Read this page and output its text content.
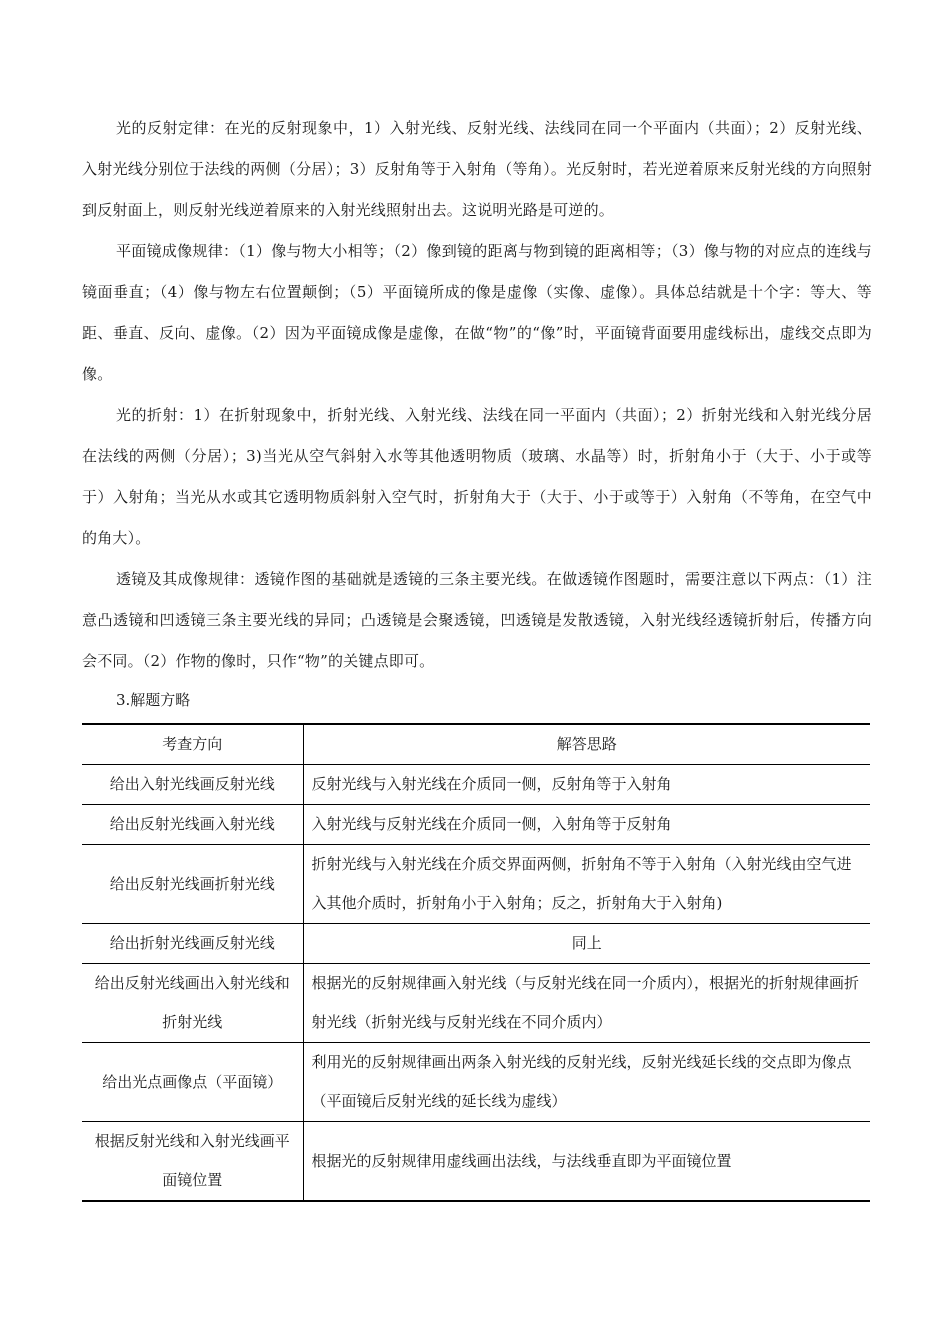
光的反射定律：在光的反射现象中，1）入射光线、反射光线、法线同在同一个平面内（共面）；2）反射光线、入射光线分别位于法线的两侧（分居）；3）反射角等于入射角（等角）。光反射时，若光逆着原来反射光线的方向照射到反射面上，则反射光线逆着原来的入射光线照射出去。这说明光路是可逆的。

平面镜成像规律：（1）像与物大小相等；（2）像到镜的距离与物到镜的距离相等；（3）像与物的对应点的连线与镜面垂直；（4）像与物左右位置颠倒；（5）平面镜所成的像是虚像（实像、虚像）。具体总结就是十个字：等大、等距、垂直、反向、虚像。（2）因为平面镜成像是虚像，在做“物”的“像”时，平面镜背面要用虚线标出，虚线交点即为像。

光的折射：1）在折射现象中，折射光线、入射光线、法线在同一平面内（共面）；2）折射光线和入射光线分居在法线的两侧（分居）；3)当光从空气斜射入水等其他透明物质（玻璃、水晶等）时，折射角小于（大于、小于或等于）入射角；当光从水或其它透明物质斜射入空气时，折射角大于（大于、小于或等于）入射角（不等角，在空气中的角大）。

透镜及其成像规律：透镜作图的基础就是透镜的三条主要光线。在做透镜作图题时，需要注意以下两点：（1）注意凸透镜和凹透镜三条主要光线的异同；凸透镜是会聚透镜，凹透镜是发散透镜，入射光线经透镜折射后，传播方向会不同。（2）作物的像时，只作“物”的关键点即可。

3.解题方略

考查方向	解答思路
给出入射光线画反射光线	反射光线与入射光线在介质同一侧，反射角等于入射角
给出反射光线画入射光线	入射光线与反射光线在介质同一侧，入射角等于反射角
给出反射光线画折射光线	折射光线与入射光线在介质交界面两侧，折射角不等于入射角（入射光线由空气进入其他介质时，折射角小于入射角；反之，折射角大于入射角)
给出折射光线画反射光线	同上
给出反射光线画出入射光线和折射光线	根据光的反射规律画入射光线（与反射光线在同一介质内），根据光的折射规律画折射光线（折射光线与反射光线在不同介质内）
给出光点画像点（平面镜）	利用光的反射规律画出两条入射光线的反射光线，反射光线延长线的交点即为像点（平面镜后反射光线的延长线为虚线）
根据反射光线和入射光线画平面镜位置	根据光的反射规律用虚线画出法线，与法线垂直即为平面镜位置
